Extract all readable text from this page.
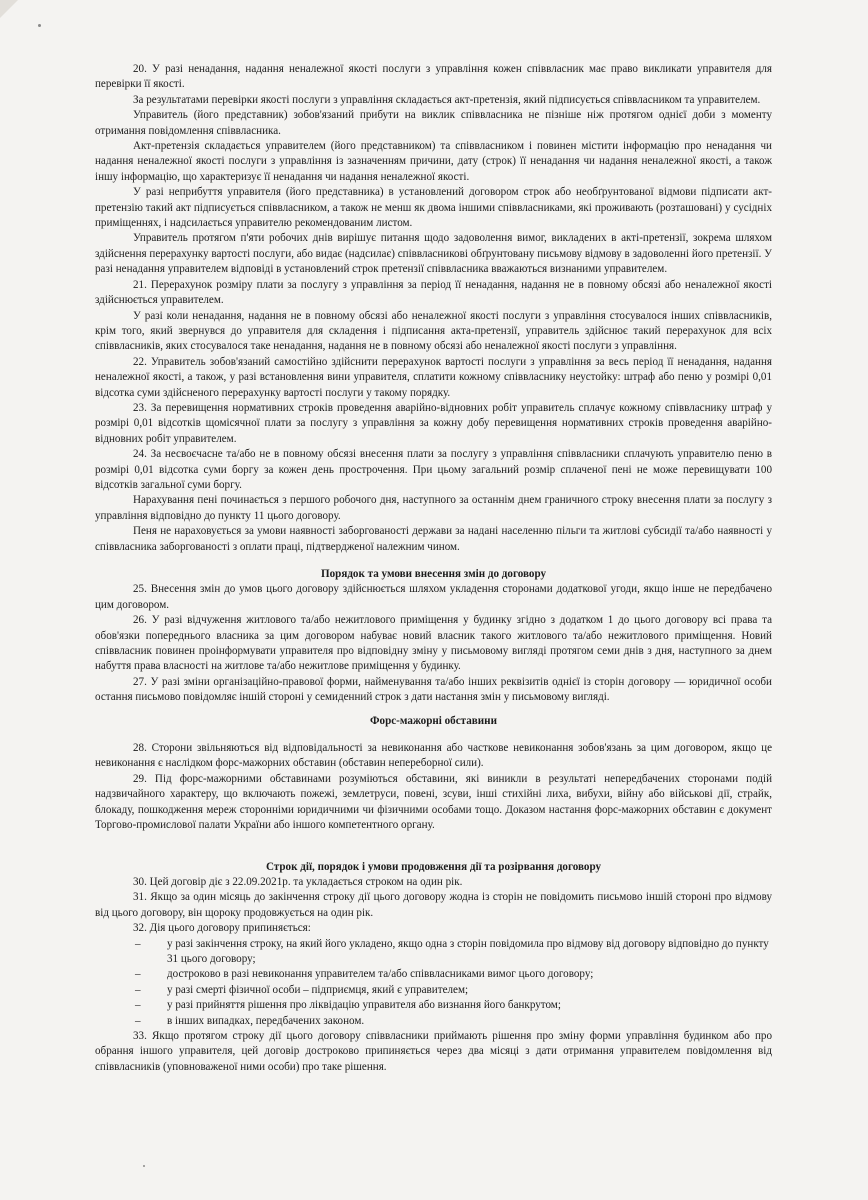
20. У разі ненадання, надання неналежної якості послуги з управління кожен співвласник має право викликати управителя для перевірки її якості.

За результатами перевірки якості послуги з управління складається акт-претензія, який підписується співвласником та управителем.

Управитель (його представник) зобов'язаний прибути на виклик співвласника не пізніше ніж протягом однієї доби з моменту отримання повідомлення співвласника.

Акт-претензія складається управителем (його представником) та співвласником і повинен містити інформацію про ненадання чи надання неналежної якості послуги з управління із зазначенням причини, дату (строк) її ненадання чи надання неналежної якості, а також іншу інформацію, що характеризує її ненадання чи надання неналежної якості.

У разі неприбуття управителя (його представника) в установлений договором строк або необґрунтованої відмови підписати акт-претензію такий акт підписується співвласником, а також не менш як двома іншими співвласниками, які проживають (розташовані) у сусідніх приміщеннях, і надсилається управителю рекомендованим листом.

Управитель протягом п'яти робочих днів вирішує питання щодо задоволення вимог, викладених в акті-претензії, зокрема шляхом здійснення перерахунку вартості послуги, або видає (надсилає) співвласникові обґрунтовану письмову відмову в задоволенні його претензії. У разі ненадання управителем відповіді в установлений строк претензії співвласника вважаються визнаними управителем.

21. Перерахунок розміру плати за послугу з управління за період її ненадання, надання не в повному обсязі або неналежної якості здійснюється управителем.

У разі коли ненадання, надання не в повному обсязі або неналежної якості послуги з управління стосувалося інших співвласників, крім того, який звернувся до управителя для складення і підписання акта-претензії, управитель здійснює такий перерахунок для всіх співвласників, яких стосувалося таке ненадання, надання не в повному обсязі або неналежної якості послуги з управління.

22. Управитель зобов'язаний самостійно здійснити перерахунок вартості послуги з управління за весь період її ненадання, надання неналежної якості, а також, у разі встановлення вини управителя, сплатити кожному співвласнику неустойку: штраф або пеню у розмірі 0,01 відсотка суми здійсненого перерахунку вартості послуги у такому порядку.

23. За перевищення нормативних строків проведення аварійно-відновних робіт управитель сплачує кожному співвласнику штраф у розмірі 0,01 відсотків щомісячної плати за послугу з управління за кожну добу перевищення нормативних строків проведення аварійно-відновних робіт управителем.

24. За несвоєчасне та/або не в повному обсязі внесення плати за послугу з управління співвласники сплачують управителю пеню в розмірі 0,01 відсотка суми боргу за кожен день прострочення. При цьому загальний розмір сплаченої пені не може перевищувати 100 відсотків загальної суми боргу.

Нарахування пені починається з першого робочого дня, наступного за останнім днем граничного строку внесення плати за послугу з управління відповідно до пункту 11 цього договору.

Пеня не нараховується за умови наявності заборгованості держави за надані населенню пільги та житлові субсидії та/або наявності у співвласника заборгованості з оплати праці, підтвердженої належним чином.

Порядок та умови внесення змін до договору

25. Внесення змін до умов цього договору здійснюється шляхом укладення сторонами додаткової угоди, якщо інше не передбачено цим договором.

26. У разі відчуження житлового та/або нежитлового приміщення у будинку згідно з додатком 1 до цього договору всі права та обов'язки попереднього власника за цим договором набуває новий власник такого житлового та/або нежитлового приміщення. Новий співвласник повинен проінформувати управителя про відповідну зміну у письмовому вигляді протягом семи днів з дня, наступного за днем набуття права власності на житлове та/або нежитлове приміщення у будинку.

27. У разі зміни організаційно-правової форми, найменування та/або інших реквізитів однієї із сторін договору — юридичної особи остання письмово повідомляє іншій стороні у семиденний строк з дати настання змін у письмовому вигляді.

Форс-мажорні обставини

28. Сторони звільняються від відповідальності за невиконання або часткове невиконання зобов'язань за цим договором, якщо це невиконання є наслідком форс-мажорних обставин (обставин непереборної сили).

29. Під форс-мажорними обставинами розуміються обставини, які виникли в результаті непередбачених сторонами подій надзвичайного характеру, що включають пожежі, землетруси, повені, зсуви, інші стихійні лиха, вибухи, війну або військові дії, страйк, блокаду, пошкодження мереж сторонніми юридичними чи фізичними особами тощо. Доказом настання форс-мажорних обставин є документ Торгово-промислової палати України або іншого компетентного органу.

Строк дії, порядок і умови продовження дії та розірвання договору

30. Цей договір діє з 22.09.2021р. та укладається строком на один рік.

31. Якщо за один місяць до закінчення строку дії цього договору жодна із сторін не повідомить письмово іншій стороні про відмову від цього договору, він щороку продовжується на один рік.

32. Дія цього договору припиняється:

– у разі закінчення строку, на який його укладено, якщо одна з сторін повідомила про відмову від договору відповідно до пункту 31 цього договору;
– достроково в разі невиконання управителем та/або співвласниками вимог цього договору;
– у разі смерті фізичної особи – підприємця, який є управителем;
– у разі прийняття рішення про ліквідацію управителя або визнання його банкрутом;
– в інших випадках, передбачених законом.

33. Якщо протягом строку дії цього договору співвласники приймають рішення про зміну форми управління будинком або про обрання іншого управителя, цей договір достроково припиняється через два місяці з дати отримання управителем повідомлення від співвласників (уповноваженої ними особи) про таке рішення.
